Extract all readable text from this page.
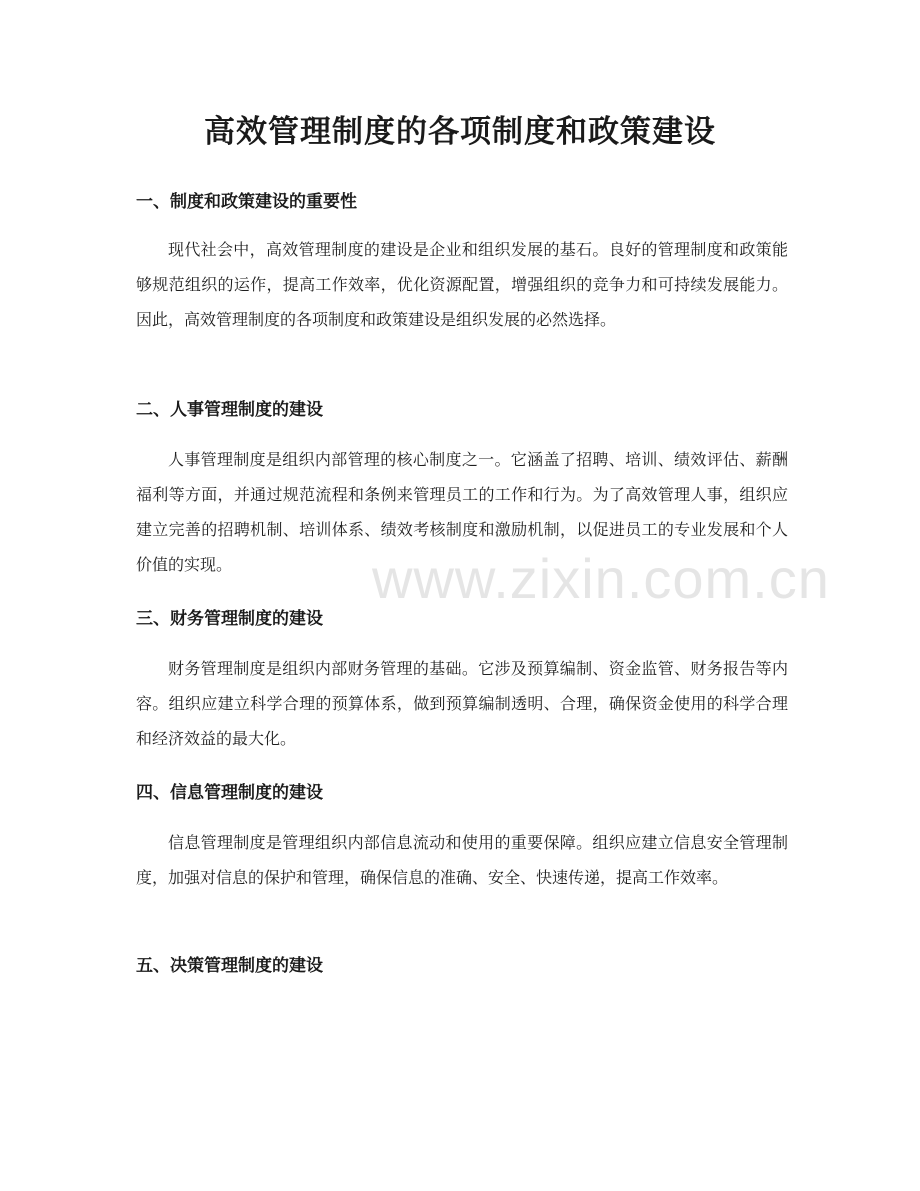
高效管理制度的各项制度和政策建设
一、制度和政策建设的重要性
现代社会中，高效管理制度的建设是企业和组织发展的基石。良好的管理制度和政策能够规范组织的运作，提高工作效率，优化资源配置，增强组织的竞争力和可持续发展能力。因此，高效管理制度的各项制度和政策建设是组织发展的必然选择。
二、人事管理制度的建设
人事管理制度是组织内部管理的核心制度之一。它涵盖了招聘、培训、绩效评估、薪酬福利等方面，并通过规范流程和条例来管理员工的工作和行为。为了高效管理人事，组织应建立完善的招聘机制、培训体系、绩效考核制度和激励机制，以促进员工的专业发展和个人价值的实现。
三、财务管理制度的建设
财务管理制度是组织内部财务管理的基础。它涉及预算编制、资金监管、财务报告等内容。组织应建立科学合理的预算体系，做到预算编制透明、合理，确保资金使用的科学合理和经济效益的最大化。
四、信息管理制度的建设
信息管理制度是管理组织内部信息流动和使用的重要保障。组织应建立信息安全管理制度，加强对信息的保护和管理，确保信息的准确、安全、快速传递，提高工作效率。
五、决策管理制度的建设
www.zixin.com.cn
